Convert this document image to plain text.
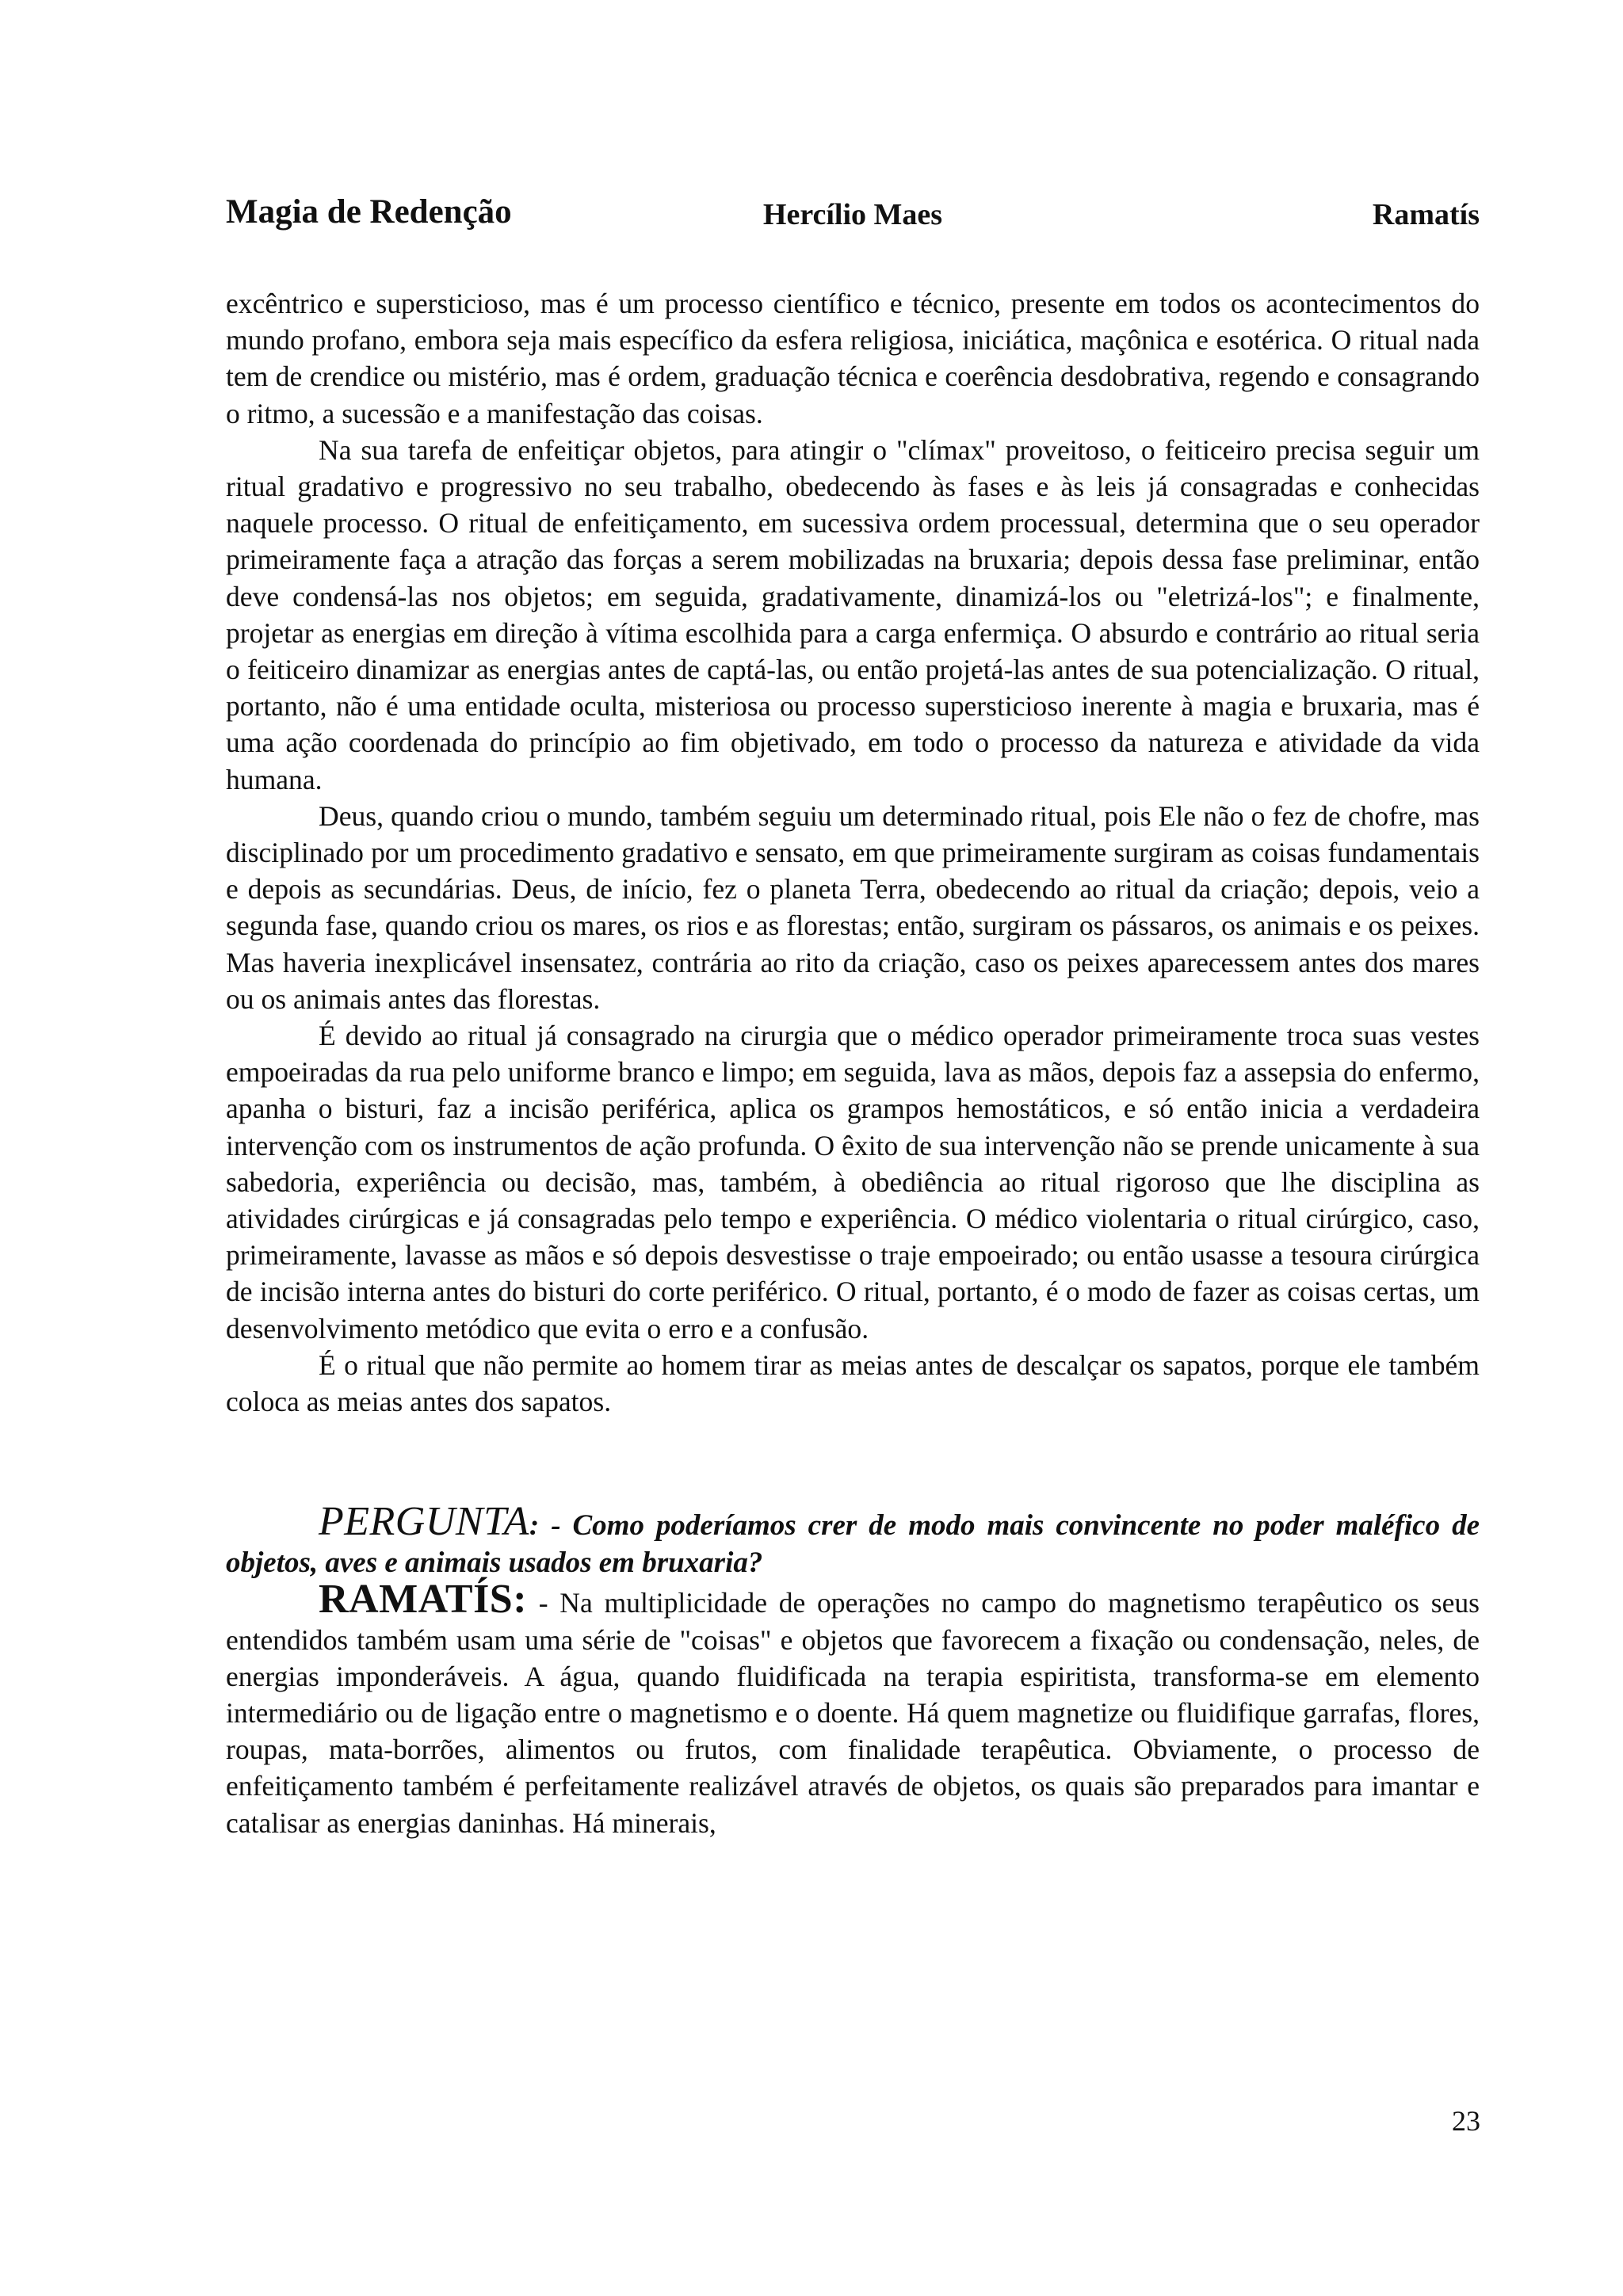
Magia de Redenção	Hercílio Maes	Ramatís

excêntrico e supersticioso, mas é um processo científico e técnico, presente em todos os acontecimentos do mundo profano, embora seja mais específico da esfera religiosa, iniciática, maçônica e esotérica. O ritual nada tem de crendice ou mistério, mas é ordem, graduação técnica e coerência desdobrativa, regendo e consagrando o ritmo, a sucessão e a manifestação das coisas.

Na sua tarefa de enfeitiçar objetos, para atingir o "clímax" proveitoso, o feiticeiro precisa seguir um ritual gradativo e progressivo no seu trabalho, obedecendo às fases e às leis já consagradas e conhecidas naquele processo. O ritual de enfeitiçamento, em sucessiva ordem processual, determina que o seu operador primeiramente faça a atração das forças a serem mobilizadas na bruxaria; depois dessa fase preliminar, então deve condensá-las nos objetos; em seguida, gradativamente, dinamizá-los ou "eletrizá-los"; e finalmente, projetar as energias em direção à vítima escolhida para a carga enfermiça. O absurdo e contrário ao ritual seria o feiticeiro dinamizar as energias antes de captá-las, ou então projetá-las antes de sua potencialização. O ritual, portanto, não é uma entidade oculta, misteriosa ou processo supersticioso inerente à magia e bruxaria, mas é uma ação coordenada do princípio ao fim objetivado, em todo o processo da natureza e atividade da vida humana.

Deus, quando criou o mundo, também seguiu um determinado ritual, pois Ele não o fez de chofre, mas disciplinado por um procedimento gradativo e sensato, em que primeiramente surgiram as coisas fundamentais e depois as secundárias. Deus, de início, fez o planeta Terra, obedecendo ao ritual da criação; depois, veio a segunda fase, quando criou os mares, os rios e as florestas; então, surgiram os pássaros, os animais e os peixes. Mas haveria inexplicável insensatez, contrária ao rito da criação, caso os peixes aparecessem antes dos mares ou os animais antes das florestas.

É devido ao ritual já consagrado na cirurgia que o médico operador primeiramente troca suas vestes empoeiradas da rua pelo uniforme branco e limpo; em seguida, lava as mãos, depois faz a assepsia do enfermo, apanha o bisturi, faz a incisão periférica, aplica os grampos hemostáticos, e só então inicia a verdadeira intervenção com os instrumentos de ação profunda. O êxito de sua intervenção não se prende unicamente à sua sabedoria, experiência ou decisão, mas, também, à obediência ao ritual rigoroso que lhe disciplina as atividades cirúrgicas e já consagradas pelo tempo e experiência. O médico violentaria o ritual cirúrgico, caso, primeiramente, lavasse as mãos e só depois desvestisse o traje empoeirado; ou então usasse a tesoura cirúrgica de incisão interna antes do bisturi do corte periférico. O ritual, portanto, é o modo de fazer as coisas certas, um desenvolvimento metódico que evita o erro e a confusão.

É o ritual que não permite ao homem tirar as meias antes de descalçar os sapatos, porque ele também coloca as meias antes dos sapatos.

PERGUNTA: - Como poderíamos crer de modo mais convincente no poder maléfico de objetos, aves e animais usados em bruxaria?

RAMATÍS: - Na multiplicidade de operações no campo do magnetismo terapêutico os seus entendidos também usam uma série de "coisas" e objetos que favorecem a fixação ou condensação, neles, de energias imponderáveis. A água, quando fluidificada na terapia espiritista, transforma-se em elemento intermediário ou de ligação entre o magnetismo e o doente. Há quem magnetize ou fluidifique garrafas, flores, roupas, mata-borrões, alimentos ou frutos, com finalidade terapêutica. Obviamente, o processo de enfeitiçamento também é perfeitamente realizável através de objetos, os quais são preparados para imantar e catalisar as energias daninhas. Há minerais,

23
